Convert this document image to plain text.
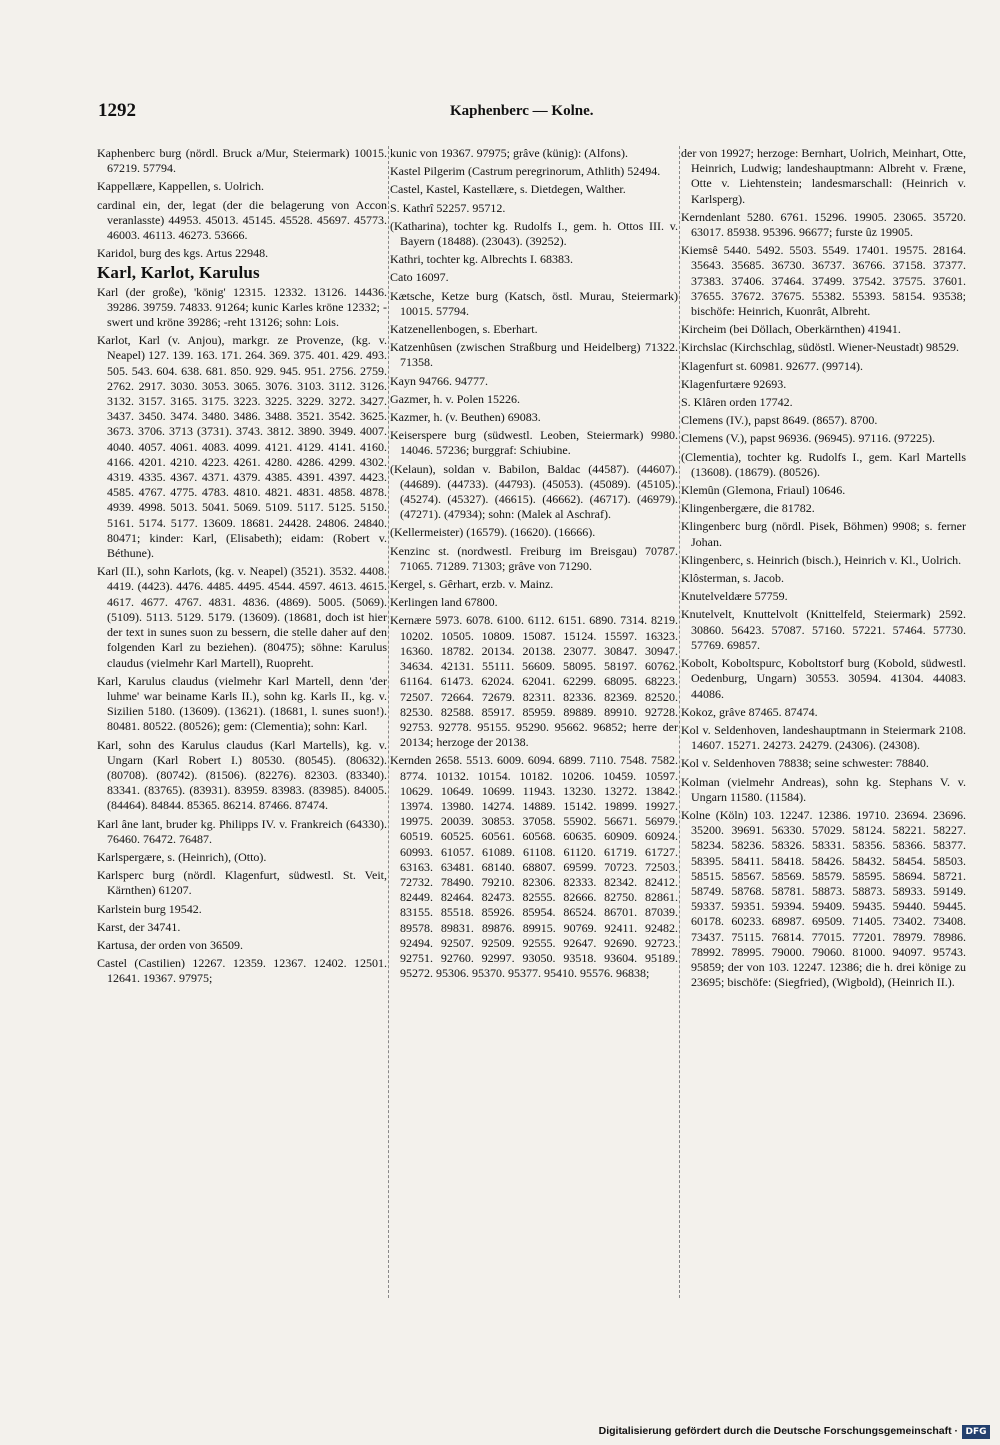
1292	Kaphenberc — Kolne.

Kaphenberc burg (nördl. Bruck a/Mur, Steiermark) 10015. 67219. 57794.

Kappellære, Kappellen, s. Uolrich.

cardinal ein, der, legat (der die belagerung von Accon veranlasste) 44953. 45013. 45145. 45528. 45697. 45773. 46003. 46113. 46273. 53666.

Karidol, burg des kgs. Artus 22948.

Karl, Karlot, Karulus

Karl (der große), 'könig' 12315. 12332. 13126. 14436. 39286. 39759. 74833. 91264; kunic Karles kröne 12332; -swert und kröne 39286; -reht 13126; sohn: Lois.

Karlot, Karl (v. Anjou), markgr. ze Provenze, (kg. v. Neapel) 127. 139. 163. 171. 264. 369. 375. 401. 429. 493. 505. 543. 604. 638. 681. 850. 929. 945. 951. 2756. 2759. 2762. 2917. 3030. 3053. 3065. 3076. 3103. 3112. 3126. 3132. 3157. 3165. 3175. 3223. 3225. 3229. 3272. 3427. 3437. 3450. 3474. 3480. 3486. 3488. 3521. 3542. 3625. 3673. 3706. 3713 (3731). 3743. 3812. 3890. 3949. 4007. 4040. 4057. 4061. 4083. 4099. 4121. 4129. 4141. 4160. 4166. 4201. 4210. 4223. 4261. 4280. 4286. 4299. 4302. 4319. 4335. 4367. 4371. 4379. 4385. 4391. 4397. 4423. 4585. 4767. 4775. 4783. 4810. 4821. 4831. 4858. 4878. 4939. 4998. 5013. 5041. 5069. 5109. 5117. 5125. 5150. 5161. 5174. 5177. 13609. 18681. 24428. 24806. 24840. 80471; kinder: Karl, (Elisabeth); eidam: (Robert v. Béthune).

Karl (II.), sohn Karlots, (kg. v. Neapel) (3521). 3532. 4408. 4419. (4423). 4476. 4485. 4495. 4544. 4597. 4613. 4615. 4617. 4677. 4767. 4831. 4836. (4869). 5005. (5069). (5109). 5113. 5129. 5179. (13609). (18681, doch ist hier der text in sunes suon zu bessern, die stelle daher auf den folgenden Karl zu beziehen). (80475); söhne: Karulus claudus (vielmehr Karl Martell), Ruopreht.

Karl, Karulus claudus (vielmehr Karl Martell, denn 'der luhme' war beiname Karls II.), sohn kg. Karls II., kg. v. Sizilien 5180. (13609). (13621). (18681, l. sunes suon!). 80481. 80522. (80526); gem: (Clementia); sohn: Karl.

Karl, sohn des Karulus claudus (Karl Martells), kg. v. Ungarn (Karl Robert I.) 80530. (80545). (80632). (80708). (80742). (81506). (82276). 82303. (83340). 83341. (83765). (83931). 83959. 83983. (83985). 84005. (84464). 84844. 85365. 86214. 87466. 87474.

Karl âne lant, bruder kg. Philipps IV. v. Frankreich (64330). 76460. 76472. 76487.

Karlspergære, s. (Heinrich), (Otto).

Karlsperc burg (nördl. Klagenfurt, südwestl. St. Veit, Kärnthen) 61207.

Karlstein burg 19542.

Karst, der 34741.

Kartusa, der orden von 36509.

Castel (Castilien) 12267. 12359. 12367. 12402. 12501. 12641. 19367. 97975;

kunic von 19367. 97975; grâve (künig): (Alfons).

Kastel Pilgerim (Castrum peregrinorum, Athlith) 52494.

Castel, Kastel, Kastellære, s. Dietdegen, Walther.

S. Kathrî 52257. 95712.

(Katharina), tochter kg. Rudolfs I., gem. h. Ottos III. v. Bayern (18488). (23043). (39252).

Kathri, tochter kg. Albrechts I. 68383.

Cato 16097.

Kætsche, Ketze burg (Katsch, östl. Murau, Steiermark) 10015. 57794.

Katzenellenbogen, s. Eberhart.

Katzenhûsen (zwischen Straßburg und Heidelberg) 71322. 71358.

Kayn 94766. 94777.

Gazmer, h. v. Polen 15226.

Kazmer, h. (v. Beuthen) 69083.

Keiserspere burg (südwestl. Leoben, Steiermark) 9980. 14046. 57236; burggraf: Schiubine.

(Kelaun), soldan v. Babilon, Baldac (44587). (44607). (44689). (44733). (44793). (45053). (45089). (45105). (45274). (45327). (46615). (46662). (46717). (46979). (47271). (47934); sohn: (Malek al Aschraf).

(Kellermeister) (16579). (16620). (16666).

Kenzinc st. (nordwestl. Freiburg im Breisgau) 70787. 71065. 71289. 71303; grâve von 71290.

Kergel, s. Gêrhart, erzb. v. Mainz.

Kerlingen land 67800.

Kernære 5973. 6078. 6100. 6112. 6151. 6890. 7314. 8219. 10202. 10505. 10809. 15087. 15124. 15597. 16323. 16360. 18782. 20134. 20138. 23077. 30847. 30947. 34634. 42131. 55111. 56609. 58095. 58197. 60762. 61164. 61473. 62024. 62041. 62299. 68095. 68223. 72507. 72664. 72679. 82311. 82336. 82369. 82520. 82530. 82588. 85917. 85959. 89889. 89910. 92728. 92753. 92778. 95155. 95290. 95662. 96852; herre der 20134; herzoge der 20138.

Kernden 2658. 5513. 6009. 6094. 6899. 7110. 7548. 7582. 8774. 10132. 10154. 10182. 10206. 10459. 10597. 10629. 10649. 10699. 11943. 13230. 13272. 13842. 13974. 13980. 14274. 14889. 15142. 19899. 19927. 19975. 20039. 30853. 37058. 55902. 56671. 56979. 60519. 60525. 60561. 60568. 60635. 60909. 60924. 60993. 61057. 61089. 61108. 61120. 61719. 61727. 63163. 63481. 68140. 68807. 69599. 70723. 72503. 72732. 78490. 79210. 82306. 82333. 82342. 82412. 82449. 82464. 82473. 82555. 82666. 82750. 82861. 83155. 85518. 85926. 85954. 86524. 86701. 87039. 89578. 89831. 89876. 89915. 90769. 92411. 92482. 92494. 92507. 92509. 92555. 92647. 92690. 92723. 92751. 92760. 92997. 93050. 93518. 93604. 95189. 95272. 95306. 95370. 95377. 95410. 95576. 96838;

der von 19927; herzoge: Bernhart, Uolrich, Meinhart, Otte, Heinrich, Ludwig; landeshauptmann: Albreht v. Fræne, Otte v. Liehtenstein; landesmarschall: (Heinrich v. Karlsperg).

Kerndenlant 5280. 6761. 15296. 19905. 23065. 35720. 63017. 85938. 95396. 96677; furste ûz 19905.

Kiemsê 5440. 5492. 5503. 5549. 17401. 19575. 28164. 35643. 35685. 36730. 36737. 36766. 37158. 37377. 37383. 37406. 37464. 37499. 37542. 37575. 37601. 37655. 37672. 37675. 55382. 55393. 58154. 93538; bischöfe: Heinrich, Kuonrât, Albreht.

Kircheim (bei Döllach, Oberkärnthen) 41941.

Kirchslac (Kirchschlag, südöstl. Wiener-Neustadt) 98529.

Klagenfurt st. 60981. 92677. (99714).

Klagenfurtære 92693.

S. Klâren orden 17742.

Clemens (IV.), papst 8649. (8657). 8700.

Clemens (V.), papst 96936. (96945). 97116. (97225).

(Clementia), tochter kg. Rudolfs I., gem. Karl Martells (13608). (18679). (80526).

Klemûn (Glemona, Friaul) 10646.

Klingenbergære, die 81782.

Klingenberc burg (nördl. Pisek, Böhmen) 9908; s. ferner Johan.

Klingenberc, s. Heinrich (bisch.), Heinrich v. Kl., Uolrich.

Klôsterman, s. Jacob.

Knutelveldære 57759.

Knutelvelt, Knuttelvolt (Knittelfeld, Steiermark) 2592. 30860. 56423. 57087. 57160. 57221. 57464. 57730. 57769. 69857.

Kobolt, Koboltspurc, Koboltstorf burg (Kobold, südwestl. Oedenburg, Ungarn) 30553. 30594. 41304. 44083. 44086.

Kokoz, grâve 87465. 87474.

Kol v. Seldenhoven, landeshauptmann in Steiermark 2108. 14607. 15271. 24273. 24279. (24306). (24308).

Kol v. Seldenhoven 78838; seine schwester: 78840.

Kolman (vielmehr Andreas), sohn kg. Stephans V. v. Ungarn 11580. (11584).

Kolne (Köln) 103. 12247. 12386. 19710. 23694. 23696. 35200. 39691. 56330. 57029. 58124. 58221. 58227. 58234. 58236. 58326. 58331. 58356. 58366. 58377. 58395. 58411. 58418. 58426. 58432. 58454. 58503. 58515. 58567. 58569. 58579. 58595. 58694. 58721. 58749. 58768. 58781. 58873. 58873. 58933. 59149. 59337. 59351. 59394. 59409. 59435. 59440. 59445. 60178. 60233. 68987. 69509. 71405. 73402. 73408. 73437. 75115. 76814. 77015. 77201. 78979. 78986. 78992. 78995. 79000. 79060. 81000. 94097. 95743. 95859; der von 103. 12247. 12386; die h. drei könige zu 23695; bischöfe: (Siegfried), (Wigbold), (Heinrich II.).

Digitalisierung gefördert durch die Deutsche Forschungsgemeinschaft · DFG
